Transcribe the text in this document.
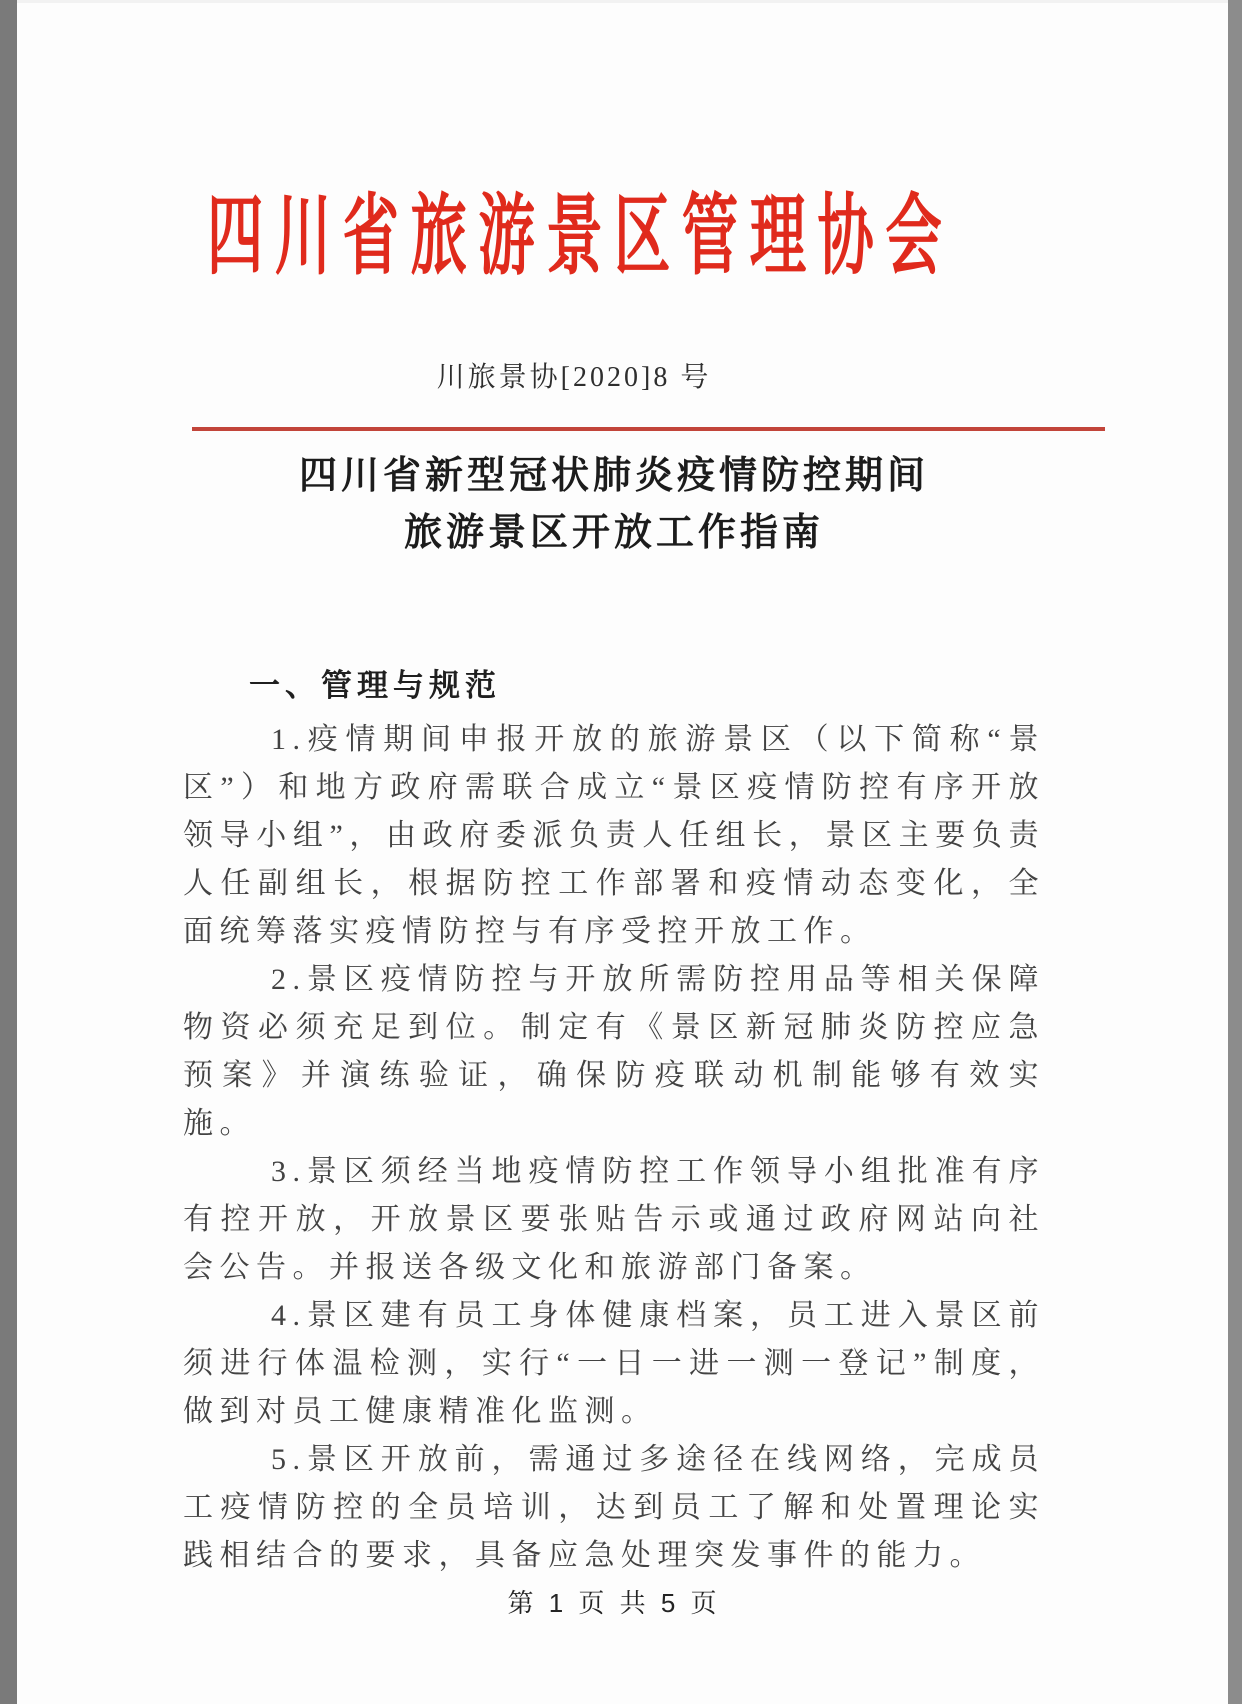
四川省旅游景区管理协会
川旅景协[2020]8 号
四川省新型冠状肺炎疫情防控期间
旅游景区开放工作指南
一、管理与规范

1.疫情期间申报开放的旅游景区（以下简称“景区”）和地方政府需联合成立“景区疫情防控有序开放领导小组”，由政府委派负责人任组长，景区主要负责人任副组长，根据防控工作部署和疫情动态变化，全面统筹落实疫情防控与有序受控开放工作。

2.景区疫情防控与开放所需防控用品等相关保障物资必须充足到位。制定有《景区新冠肺炎防控应急预案》并演练验证，确保防疫联动机制能够有效实施。

3.景区须经当地疫情防控工作领导小组批准有序有控开放，开放景区要张贴告示或通过政府网站向社会公告。并报送各级文化和旅游部门备案。

4.景区建有员工身体健康档案，员工进入景区前须进行体温检测，实行“一日一进一测一登记”制度，做到对员工健康精准化监测。

5.景区开放前，需通过多途径在线网络，完成员工疫情防控的全员培训，达到员工了解和处置理论实践相结合的要求，具备应急处理突发事件的能力。

第 1 页 共 5 页
